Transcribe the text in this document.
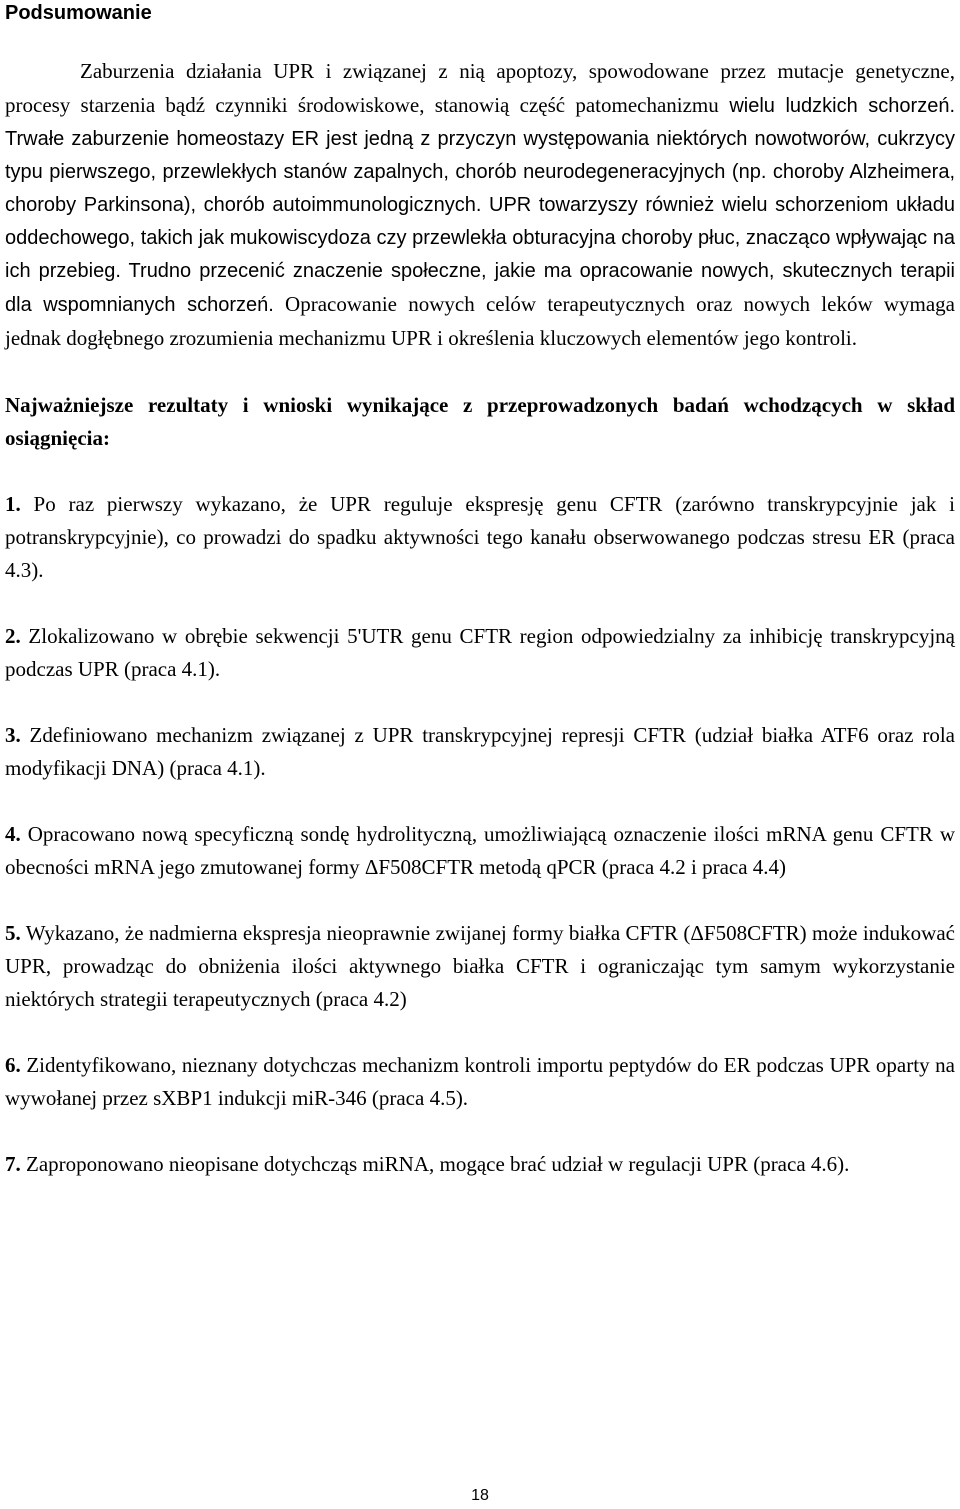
Podsumowanie

Zaburzenia działania UPR i związanej z nią apoptozy, spowodowane przez mutacje genetyczne, procesy starzenia bądź czynniki środowiskowe, stanowią część patomechanizmu wielu ludzkich schorzeń. Trwałe zaburzenie homeostazy ER jest jedną z przyczyn występowania niektórych nowotworów, cukrzycy typu pierwszego, przewlekłych stanów zapalnych, chorób neurodegeneracyjnych (np. choroby Alzheimera, choroby Parkinsona), chorób autoimmunologicznych. UPR towarzyszy również wielu schorzeniom układu oddechowego, takich jak mukowiscydoza czy przewlekła obturacyjna choroby płuc, znacząco wpływając na ich przebieg. Trudno przecenić znaczenie społeczne, jakie ma opracowanie nowych, skutecznych terapii dla wspomnianych schorzeń. Opracowanie nowych celów terapeutycznych oraz nowych leków wymaga jednak dogłębnego zrozumienia mechanizmu UPR i określenia kluczowych elementów jego kontroli.

Najważniejsze rezultaty i wnioski wynikające z przeprowadzonych badań wchodzących w skład osiągnięcia:

1. Po raz pierwszy wykazano, że UPR reguluje ekspresję genu CFTR (zarówno transkrypcyjnie jak i potranskrypcyjnie), co prowadzi do spadku aktywności tego kanału obserwowanego podczas stresu ER (praca 4.3).

2. Zlokalizowano w obrębie sekwencji 5'UTR genu CFTR region odpowiedzialny za inhibicję transkrypcyjną podczas UPR (praca 4.1).

3. Zdefiniowano mechanizm związanej z UPR transkrypcyjnej represji CFTR (udział białka ATF6 oraz rola modyfikacji DNA) (praca 4.1).

4. Opracowano nową specyficzną sondę hydrolityczną, umożliwiającą oznaczenie ilości mRNA genu CFTR w obecności mRNA jego zmutowanej formy ΔF508CFTR metodą qPCR (praca 4.2 i praca 4.4)

5. Wykazano, że nadmierna ekspresja nieoprawnie zwijanej formy białka CFTR (ΔF508CFTR) może indukować UPR, prowadząc do obniżenia ilości aktywnego białka CFTR i ograniczając tym samym wykorzystanie niektórych strategii terapeutycznych (praca 4.2)

6. Zidentyfikowano, nieznany dotychczas mechanizm kontroli importu peptydów do ER podczas UPR oparty na wywołanej przez sXBP1 indukcji miR-346 (praca 4.5).

7. Zaproponowano nieopisane dotychcząs miRNA, mogące brać udział w regulacji UPR (praca 4.6).

18
